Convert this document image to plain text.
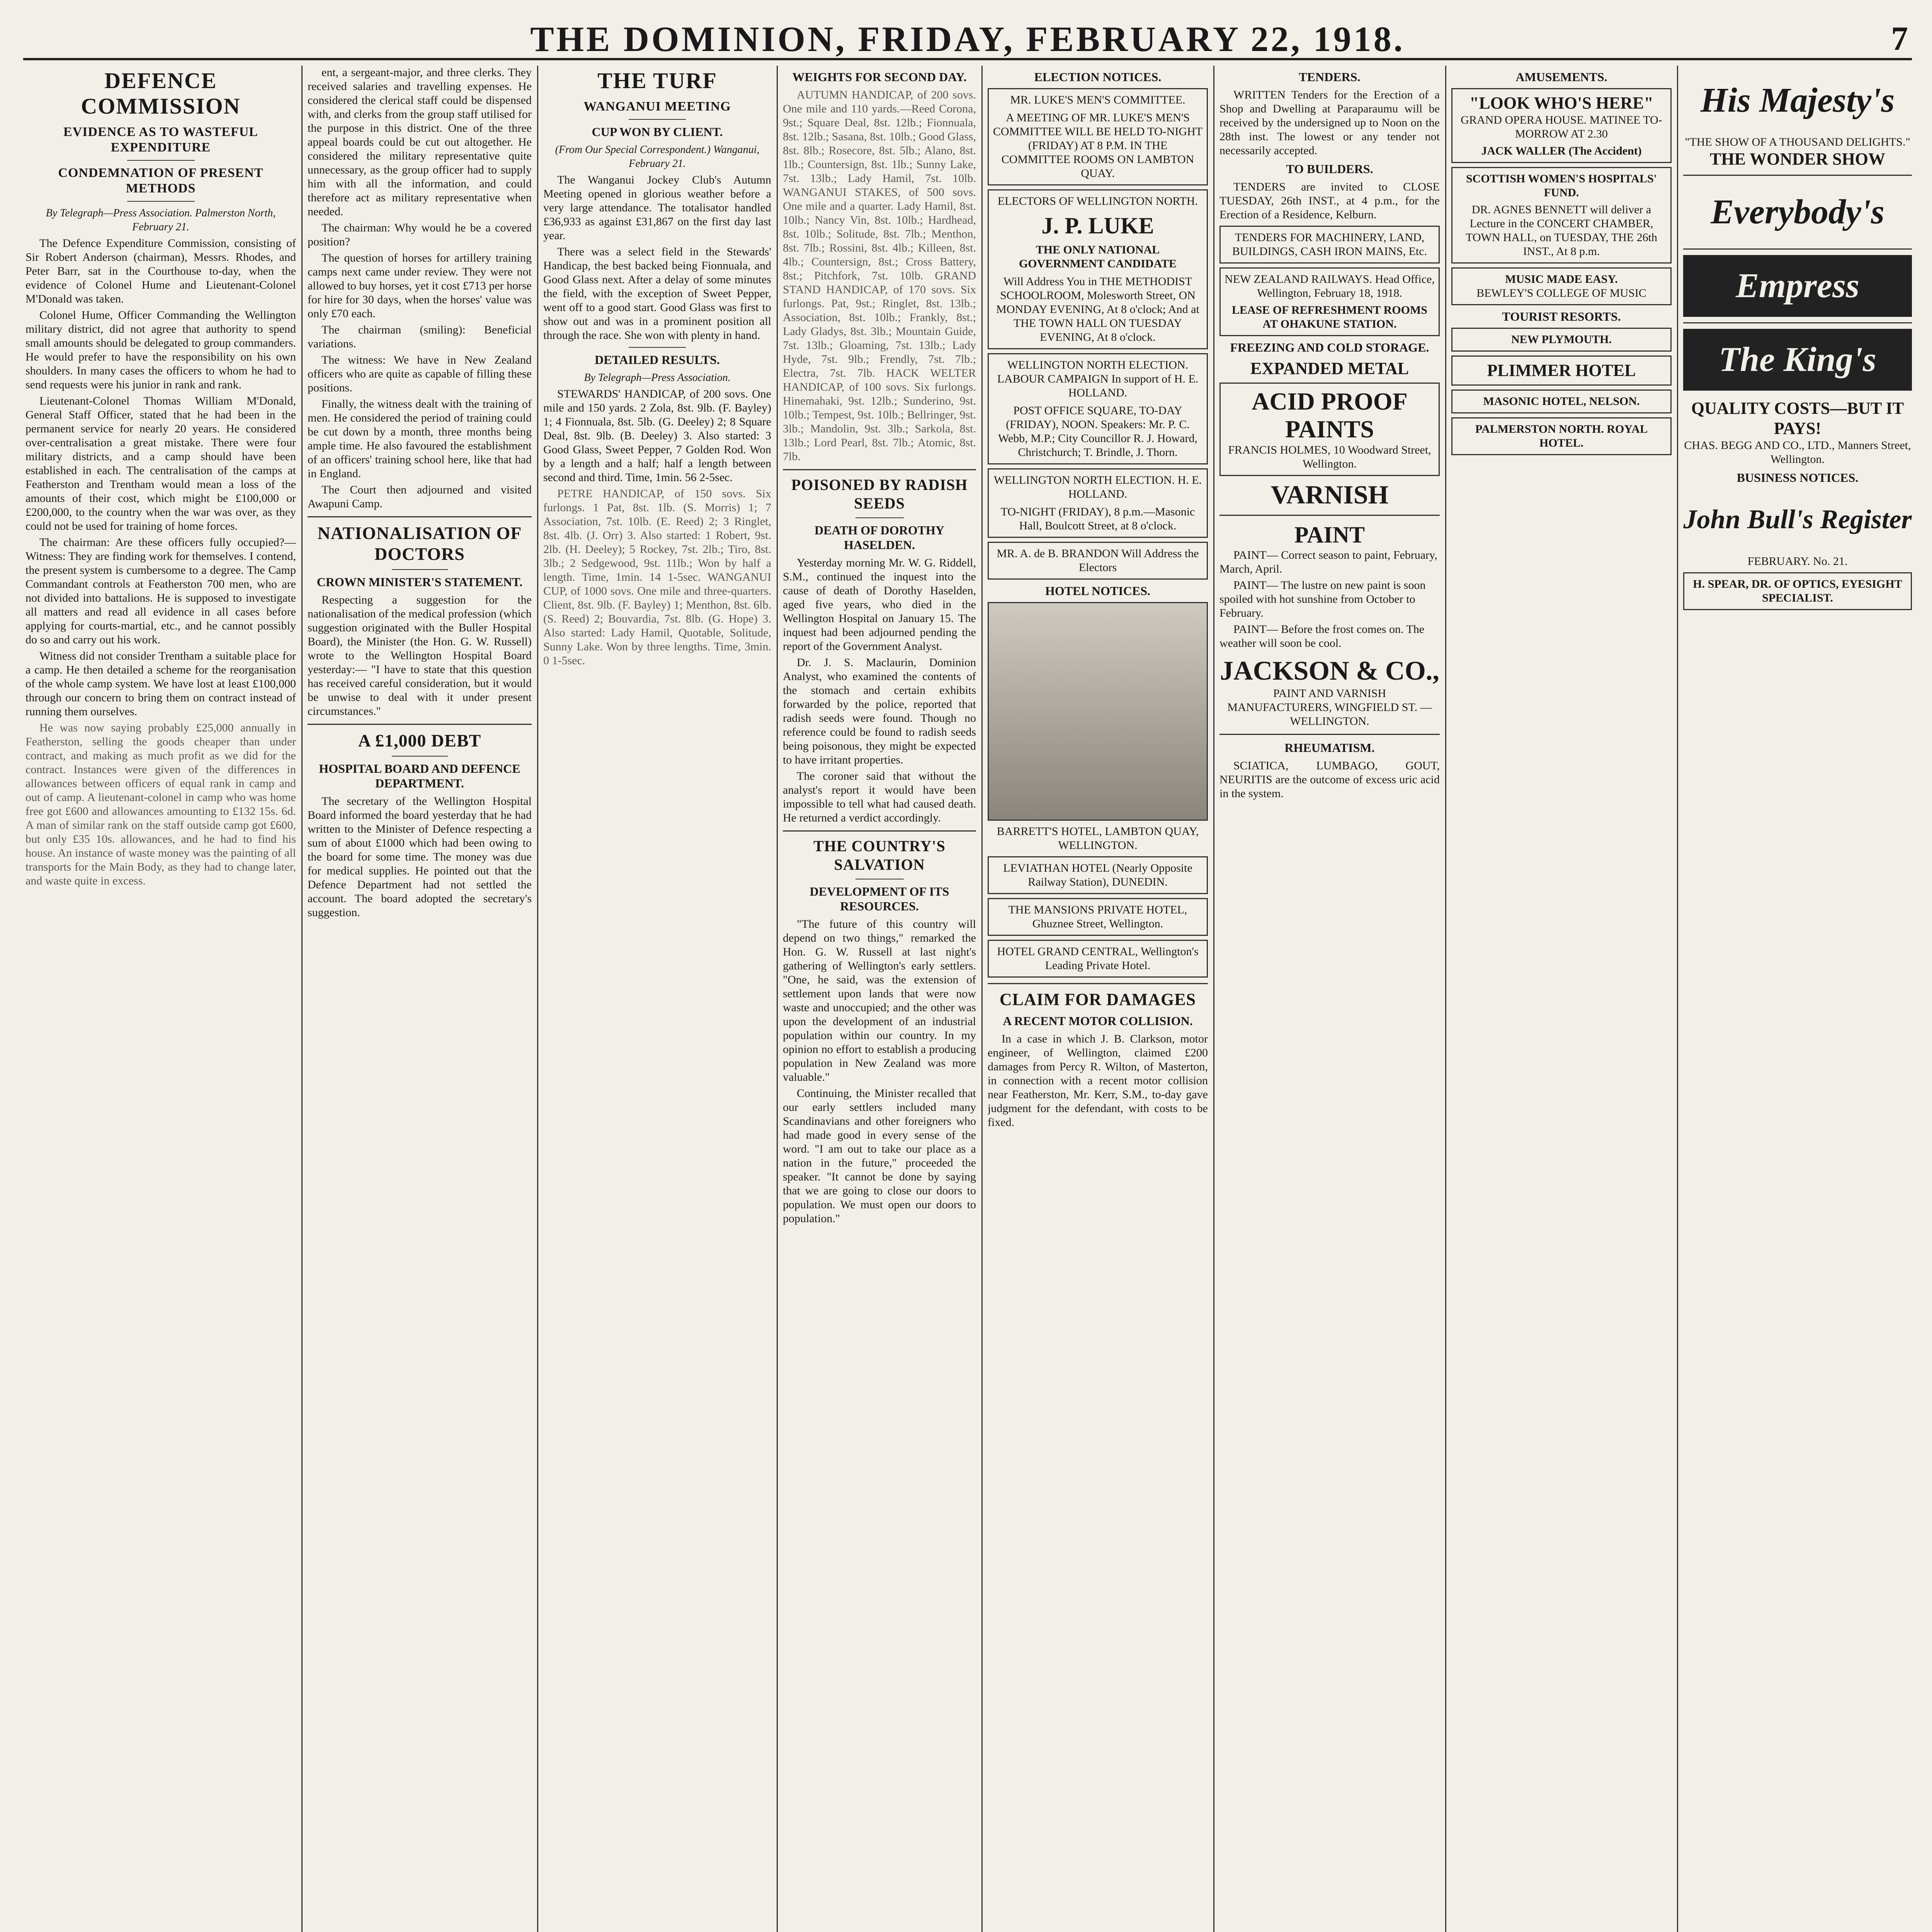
THE DOMINION, FRIDAY, FEBRUARY 22, 1918.	7
DEFENCE COMMISSION
EVIDENCE AS TO WASTEFUL EXPENDITURE
CONDEMNATION OF PRESENT METHODS
By Telegraph—Press Association. Palmerston North, February 21.

The Defence Expenditure Commission, consisting of Sir Robert Anderson (chairman), Messrs. Rhodes, and Peter Barr, sat in the Courthouse to-day, when the evidence of Colonel Hume and Lieutenant-Colonel M'Donald was taken.

Colonel Hume, Officer Commanding the Wellington military district, did not agree that authority to spend small amounts should be delegated to group commanders. He would prefer to have the responsibility on his own shoulders. In many cases the officers to whom he had to send requests were his junior in rank and rank.

Lieutenant-Colonel Thomas William M'Donald, General Staff Officer, stated that he had been in the permanent service for nearly 20 years. He considered over-centralisation a great mistake. There were four military districts, and a camp should have been established in each. The centralisation of the camps at Featherston and Trentham would mean a loss of the amounts of their cost, which might be £100,000 or £200,000, to the country when the war was over, as they could not be used for training of home forces.

The chairman: Are these officers fully occupied?—Witness: They are finding work for themselves. I contend, the present system is cumbersome to a degree. The Camp Commandant controls at Featherston 700 men, who are not divided into battalions. He is supposed to investigate all matters and read all evidence in all cases before applying for courts-martial, etc., and he cannot possibly do so and carry out his work.

Witness did not consider Trentham a suitable place for a camp. He then detailed a scheme for the reorganisation of the whole camp system. We have lost at least £100,000 through our concern to bring them on contract instead of running them ourselves.

He was now saying probably £25,000 annually in Featherston, selling the goods cheaper than under contract, and making as much profit as we did for the contract. Instances were given of the differences in allowances between officers of equal rank in camp and out of camp. A lieutenant-colonel in camp who was home free got £600 and allowances amounting to £132 15s. 6d. A man of similar rank on the staff outside camp got £600, but only £35 10s. allowances, and he had to find his house. An instance of waste money was the painting of all transports for the Main Body, as they had to change later, and waste quite in excess.

ent, a sergeant-major, and three clerks. They received salaries and travelling expenses. He considered the clerical staff could be dispensed with, and clerks from the group staff utilised for the purpose in this district. One of the three appeal boards could be cut out altogether. He considered the military representative quite unnecessary, as the group officer had to supply him with all the information, and could therefore act as military representative when needed.

The chairman: Why would he be a covered position?

The question of horses for artillery training camps next came under review. They were not allowed to buy horses, yet it cost £713 per horse for hire for 30 days, when the horses' value was only £70 each.

The chairman (smiling): Beneficial variations.

The witness: We have in New Zealand officers who are quite as capable of filling these positions.

Finally, the witness dealt with the training of men. He considered the period of training could be cut down by a month, three months being ample time. He also favoured the establishment of an officers' training school here, like that had in England.

The Court then adjourned and visited Awapuni Camp.

NATIONALISATION OF DOCTORS
CROWN MINISTER'S STATEMENT.

Respecting a suggestion for the nationalisation of the medical profession (which suggestion originated with the Buller Hospital Board), the Minister (the Hon. G. W. Russell) wrote to the Wellington Hospital Board yesterday:— "I have to state that this question has received careful consideration, but it would be unwise to deal with it under present circumstances."

A £1,000 DEBT
HOSPITAL BOARD AND DEFENCE DEPARTMENT.

The secretary of the Wellington Hospital Board informed the board yesterday that he had written to the Minister of Defence respecting a sum of about £1000 which had been owing to the board for some time. The money was due for medical supplies. He pointed out that the Defence Department had not settled the account. The board adopted the secretary's suggestion.

THE TURF
WANGANUI MEETING
CUP WON BY CLIENT.
(From Our Special Correspondent.) Wanganui, February 21.

The Wanganui Jockey Club's Autumn Meeting opened in glorious weather before a very large attendance. The totalisator handled £36,933 as against £31,867 on the first day last year.

There was a select field in the Stewards' Handicap, the best backed being Fionnuala, and Good Glass next. After a delay of some minutes the field, with the exception of Sweet Pepper, went off to a good start. Good Glass was first to show out and was in a prominent position all through the race. She won with plenty in hand.

DETAILED RESULTS.
By Telegraph—Press Association.

STEWARDS' HANDICAP, of 200 sovs. One mile and 150 yards. 2 Zola, 8st. 9lb. (F. Bayley) 1; 4 Fionnuala, 8st. 5lb. (G. Deeley) 2; 8 Square Deal, 8st. 9lb. (B. Deeley) 3. Also started: 3 Good Glass, Sweet Pepper, 7 Golden Rod. Won by a length and a half; half a length between second and third. Time, 1min. 56 2-5sec.

PETRE HANDICAP, of 150 sovs. Six furlongs. 1 Pat, 8st. 1lb. (S. Morris) 1; 7 Association, 7st. 10lb. (E. Reed) 2; 3 Ringlet, 8st. 4lb. (J. Orr) 3. Also started: 1 Robert, 9st. 2lb. (H. Deeley); 5 Rockey, 7st. 2lb.; Tiro, 8st. 3lb.; 2 Sedgewood, 9st. 11lb.; Won by half a length. Time, 1min. 14 1-5sec. WANGANUI CUP, of 1000 sovs. One mile and three-quarters. Client, 8st. 9lb. (F. Bayley) 1; Menthon, 8st. 6lb. (S. Reed) 2; Bouvardia, 7st. 8lb. (G. Hope) 3. Also started: Lady Hamil, Quotable, Solitude, Sunny Lake. Won by three lengths. Time, 3min. 0 1-5sec.

WEIGHTS FOR SECOND DAY.

AUTUMN HANDICAP, of 200 sovs. One mile and 110 yards.—Reed Corona, 9st.; Square Deal, 8st. 12lb.; Fionnuala, 8st. 12lb.; Sasana, 8st. 10lb.; Good Glass, 8st. 8lb.; Rosecore, 8st. 5lb.; Alano, 8st. 1lb.; Countersign, 8st. 1lb.; Sunny Lake, 7st. 13lb.; Lady Hamil, 7st. 10lb. WANGANUI STAKES, of 500 sovs. One mile and a quarter. Lady Hamil, 8st. 10lb.; Nancy Vin, 8st. 10lb.; Hardhead, 8st. 10lb.; Solitude, 8st. 7lb.; Menthon, 8st. 7lb.; Rossini, 8st. 4lb.; Killeen, 8st. 4lb.; Countersign, 8st.; Cross Battery, 8st.; Pitchfork, 7st. 10lb. GRAND STAND HANDICAP, of 170 sovs. Six furlongs. Pat, 9st.; Ringlet, 8st. 13lb.; Association, 8st. 10lb.; Frankly, 8st.; Lady Gladys, 8st. 3lb.; Mountain Guide, 7st. 13lb.; Gloaming, 7st. 13lb.; Lady Hyde, 7st. 9lb.; Frendly, 7st. 7lb.; Electra, 7st. 7lb. HACK WELTER HANDICAP, of 100 sovs. Six furlongs. Hinemahaki, 9st. 12lb.; Sunderino, 9st. 10lb.; Tempest, 9st. 10lb.; Bellringer, 9st. 3lb.; Mandolin, 9st. 3lb.; Sarkola, 8st. 13lb.; Lord Pearl, 8st. 7lb.; Atomic, 8st. 7lb.

POISONED BY RADISH SEEDS
DEATH OF DOROTHY HASELDEN.

Yesterday morning Mr. W. G. Riddell, S.M., continued the inquest into the cause of death of Dorothy Haselden, aged five years, who died in the Wellington Hospital on January 15. The inquest had been adjourned pending the report of the Government Analyst.

Dr. J. S. Maclaurin, Dominion Analyst, who examined the contents of the stomach and certain exhibits forwarded by the police, reported that radish seeds were found. Though no reference could be found to radish seeds being poisonous, they might be expected to have irritant properties.

The coroner said that without the analyst's report it would have been impossible to tell what had caused death. He returned a verdict accordingly.

THE COUNTRY'S SALVATION
DEVELOPMENT OF ITS RESOURCES.

"The future of this country will depend on two things," remarked the Hon. G. W. Russell at last night's gathering of Wellington's early settlers. "One, he said, was the extension of settlement upon lands that were now waste and unoccupied; and the other was upon the development of an industrial population within our country. In my opinion no effort to establish a producing population in New Zealand was more valuable."

Continuing, the Minister recalled that our early settlers included many Scandinavians and other foreigners who had made good in every sense of the word. "I am out to take our place as a nation in the future," proceeded the speaker. "It cannot be done by saying that we are going to close our doors to population. We must open our doors to population."

ELECTION NOTICES.
MR. LUKE'S MEN'S COMMITTEE.
A MEETING OF MR. LUKE'S MEN'S COMMITTEE WILL BE HELD TO-NIGHT (FRIDAY) AT 8 P.M. IN THE COMMITTEE ROOMS ON LAMBTON QUAY.
ELECTORS OF WELLINGTON NORTH.
J. P. LUKE
THE ONLY NATIONAL GOVERNMENT CANDIDATE
Will Address You in THE METHODIST SCHOOLROOM, Molesworth Street, ON MONDAY EVENING, At 8 o'clock; And at THE TOWN HALL ON TUESDAY EVENING, At 8 o'clock.
WELLINGTON NORTH ELECTION. LABOUR CAMPAIGN In support of H. E. HOLLAND.
POST OFFICE SQUARE, TO-DAY (FRIDAY), NOON. Speakers: Mr. P. C. Webb, M.P.; City Councillor R. J. Howard, Christchurch; T. Brindle, J. Thorn.
WELLINGTON NORTH ELECTION. H. E. HOLLAND.
TO-NIGHT (FRIDAY), 8 p.m.—Masonic Hall, Boulcott Street, at 8 o'clock.
MR. A. de B. BRANDON Will Address the Electors
HOTEL NOTICES.
BARRETT'S HOTEL, LAMBTON QUAY, WELLINGTON.
LEVIATHAN HOTEL (Nearly Opposite Railway Station), DUNEDIN.
THE MANSIONS PRIVATE HOTEL, Ghuznee Street, Wellington.
HOTEL GRAND CENTRAL, Wellington's Leading Private Hotel.
CLAIM FOR DAMAGES
A RECENT MOTOR COLLISION.

In a case in which J. B. Clarkson, motor engineer, of Wellington, claimed £200 damages from Percy R. Wilton, of Masterton, in connection with a recent motor collision near Featherston, Mr. Kerr, S.M., to-day gave judgment for the defendant, with costs to be fixed.

TENDERS.

WRITTEN Tenders for the Erection of a Shop and Dwelling at Paraparaumu will be received by the undersigned up to Noon on the 28th inst. The lowest or any tender not necessarily accepted.

TO BUILDERS.

TENDERS are invited to CLOSE TUESDAY, 26th INST., at 4 p.m., for the Erection of a Residence, Kelburn.

TENDERS FOR MACHINERY, LAND, BUILDINGS, CASH IRON MAINS, Etc.
NEW ZEALAND RAILWAYS. Head Office, Wellington, February 18, 1918.
LEASE OF REFRESHMENT ROOMS AT OHAKUNE STATION.
FREEZING AND COLD STORAGE.
EXPANDED METAL
ACID PROOF PAINTS
FRANCIS HOLMES, 10 Woodward Street, Wellington.
VARNISH
PAINT

PAINT— Correct season to paint, February, March, April.

PAINT— The lustre on new paint is soon spoiled with hot sunshine from October to February.

PAINT— Before the frost comes on. The weather will soon be cool.

JACKSON & CO.,
PAINT AND VARNISH MANUFACTURERS, WINGFIELD ST. — WELLINGTON.
RHEUMATISM.

SCIATICA, LUMBAGO, GOUT, NEURITIS are the outcome of excess uric acid in the system.

AMUSEMENTS.
"LOOK WHO'S HERE"
GRAND OPERA HOUSE. MATINEE TO-MORROW AT 2.30
JACK WALLER (The Accident)
SCOTTISH WOMEN'S HOSPITALS' FUND.
DR. AGNES BENNETT will deliver a Lecture in the CONCERT CHAMBER, TOWN HALL, on TUESDAY, THE 26th INST., At 8 p.m.
MUSIC MADE EASY.
BEWLEY'S COLLEGE OF MUSIC
TOURIST RESORTS.
NEW PLYMOUTH.
PLIMMER HOTEL
MASONIC HOTEL, NELSON.
PALMERSTON NORTH. ROYAL HOTEL.
His Majesty's
"THE SHOW OF A THOUSAND DELIGHTS."
THE WONDER SHOW
Everybody's
Empress
The King's
QUALITY COSTS—BUT IT PAYS!
CHAS. BEGG AND CO., LTD., Manners Street, Wellington.
BUSINESS NOTICES.
John Bull's Register
FEBRUARY. No. 21.
H. SPEAR, DR. OF OPTICS, EYESIGHT SPECIALIST.
